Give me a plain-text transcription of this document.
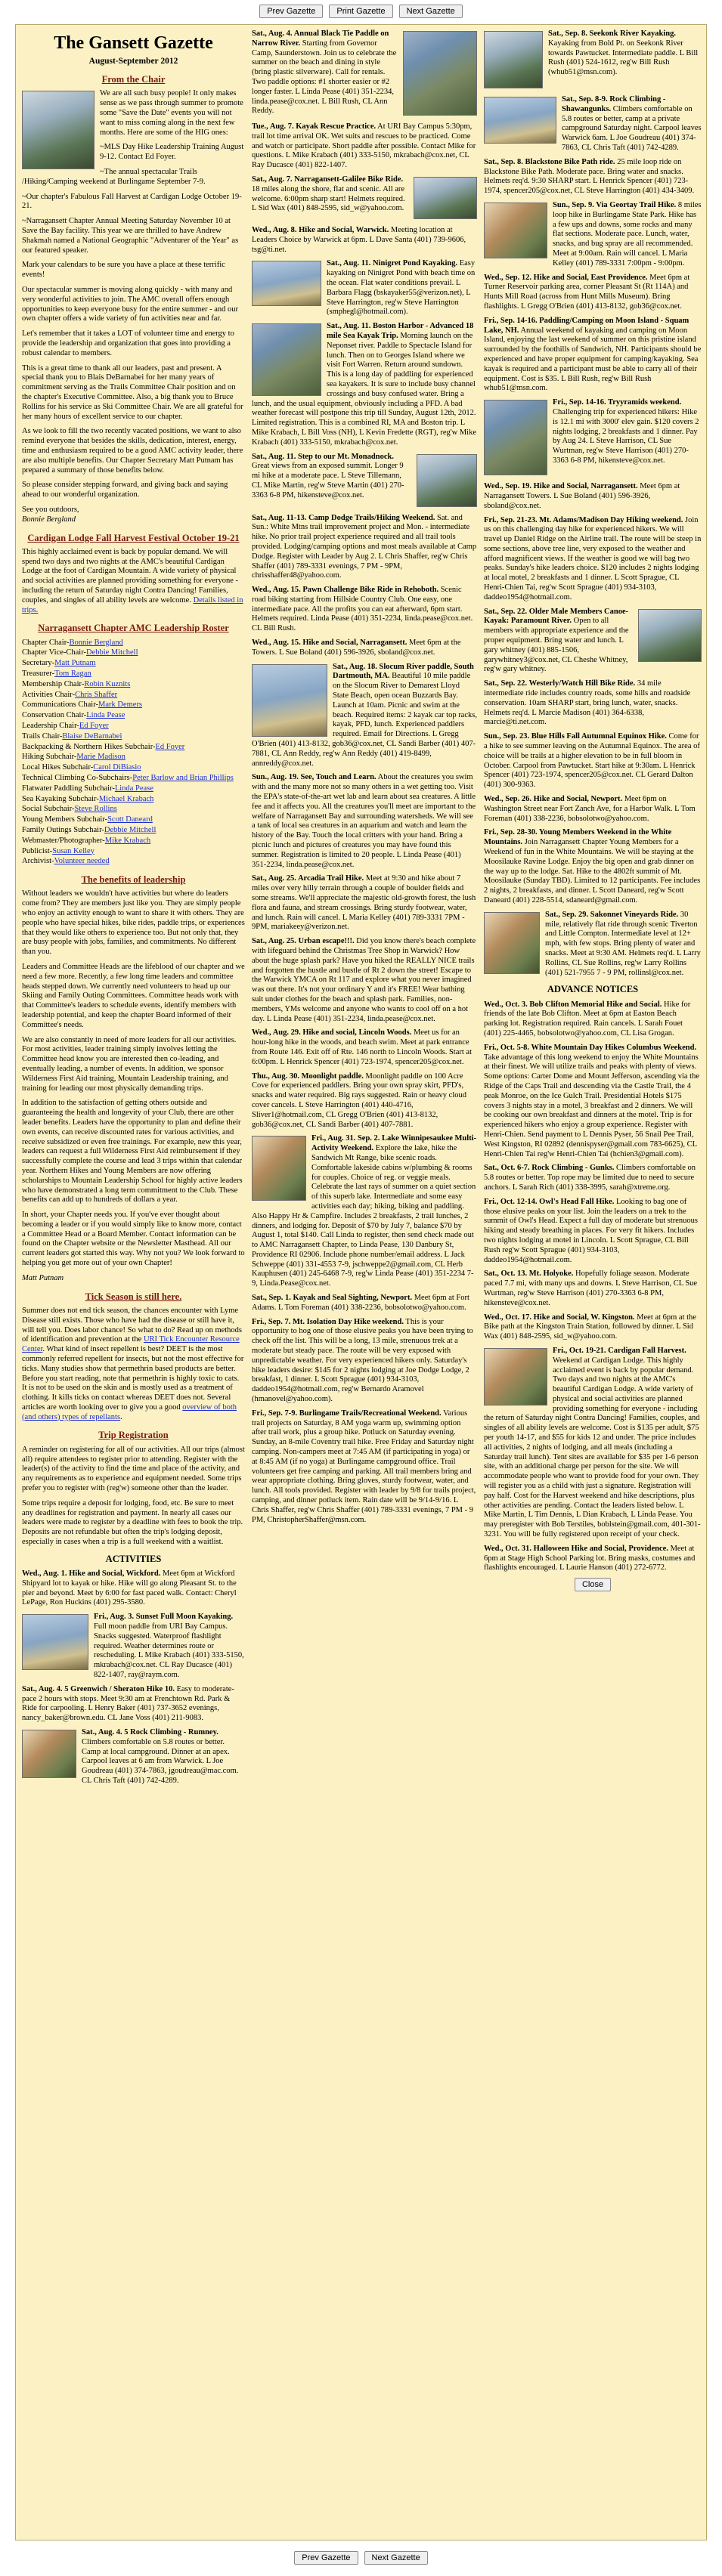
Prev Gazette	Print Gazette	Next Gazette
The Gansett Gazette
August-September 2012
From the Chair

We are all such busy people! It only makes sense as we pass through summer to promote some "Save the Date" events you will not want to miss coming along in the next few months. Here are some of the HIG ones:

~MLS Day Hike Leadership Training August 9-12. Contact Ed Foyer.

~The annual spectacular Trails /Hiking/Camping weekend at Burlingame September 7-9.

~Our chapter's Fabulous Fall Harvest at Cardigan Lodge October 19-21.

~Narragansett Chapter Annual Meeting Saturday November 10 at Save the Bay facility. This year we are thrilled to have Andrew Shakmah named a National Geographic "Adventurer of the Year" as our featured speaker.

Mark your calendars to be sure you have a place at these terrific events!

Our spectacular summer is moving along quickly - with many and very wonderful activities to join. The AMC overall offers enough opportunities to keep everyone busy for the entire summer - and our own chapter offers a wide variety of fun activities near and far.

Let's remember that it takes a LOT of volunteer time and energy to provide the leadership and organization that goes into providing a robust calendar to members.

This is a great time to thank all our leaders, past and present. A special thank you to Blais DeBarnabei for her many years of commitment serving as the Trails Committee Chair position and on the chapter's Executive Committee. Also, a big thank you to Bruce Rollins for his service as Ski Committee Chair. We are all grateful for her many hours of excellent service to our chapter.

As we look to fill the two recently vacated positions, we want to also remind everyone that besides the skills, dedication, interest, energy, time and enthusiasm required to be a good AMC activity leader, there are also multiple benefits. Our Chapter Secretary Matt Putnam has prepared a summary of those benefits below.

So please consider stepping forward, and giving back and saying ahead to our wonderful organization.

See you outdoors,
Bonnie Bergland
Cardigan Lodge Fall Harvest Festival October 19-21

This highly acclaimed event is back by popular demand. We will spend two days and two nights at the AMC's beautiful Cardigan Lodge at the foot of Cardigan Mountain. A wide variety of physical and social activities are planned providing something for everyone - including the return of Saturday night Contra Dancing! Families, couples, and singles of all ability levels are welcome. Details listed in trips.

Narragansett Chapter AMC Leadership Roster
Chapter Chair-Bonnie Bergland
Chapter Vice-Chair-Debbie Mitchell
Secretary-Matt Putnam
Treasurer-Tom Ragan
Membership Chair-Robin Kuznits
Activities Chair-Chris Shaffer
Communications Chair-Mark Demers
Conservation Chair-Linda Pease
Leadership Chair-Ed Foyer
Trails Chair-Blaise DeBarnabei
Backpacking & Northern Hikes Subchair-Ed Foyer
Hiking Subchair-Marie Madison
Local Hikes Subchair-Carol DiBiasio
Technical Climbing Co-Subchairs-Peter Barlow and Brian Phillips
Flatwater Paddling Subchair-Linda Pease
Sea Kayaking Subchair-Michael Krabach
Social Subchair-Steve Rollins
Young Members Subchair-Scott Daneard
Family Outings Subchair-Debbie Mitchell
Webmaster/Photographer-Mike Krabach
Publicist-Susan Kelley
Archivist-Volunteer needed
The benefits of leadership

Without leaders we wouldn't have activities but where do leaders come from? They are members just like you. They are simply people who enjoy an activity enough to want to share it with others. They are people who have special hikes, bike rides, paddle trips, or experiences that they would like others to experience too. But not only that, they are busy people with jobs, families, and commitments. No different than you.

Leaders and Committee Heads are the lifeblood of our chapter and we need a few more. Recently, a few long time leaders and committee heads stepped down. We currently need volunteers to head up our Skiing and Family Outing Committees. Committee heads work with that Committee's leaders to schedule events, identify members with leadership potential, and keep the chapter Board informed of their Committee's needs.

We are also constantly in need of more leaders for all our activities. For most activities, leader training simply involves letting the Committee head know you are interested then co-leading, and eventually leading, a number of events. In addition, we sponsor Wilderness First Aid training, Mountain Leadership training, and training for leading our most physically demanding trips.

In addition to the satisfaction of getting others outside and guaranteeing the health and longevity of your Club, there are other leader benefits. Leaders have the opportunity to plan and define their own events, can receive discounted rates for various activities, and receive subsidized or even free trainings. For example, new this year, leaders can request a full Wilderness First Aid reimbursement if they successfully complete the course and lead 3 trips within that calendar year. Northern Hikes and Young Members are now offering scholarships to Mountain Leadership School for highly active leaders who have demonstrated a long term commitment to the Club. These benefits can add up to hundreds of dollars a year.

In short, your Chapter needs you. If you've ever thought about becoming a leader or if you would simply like to know more, contact a Committee Head or a Board Member. Contact information can be found on the Chapter website or the Newsletter Masthead. All our current leaders got started this way. Why not you? We look forward to helping you get more out of your own Chapter!

Matt Putnam
Tick Season is still here.

Summer does not end tick season, the chances encounter with Lyme Disease still exists. Those who have had the disease or still have it, will tell you. Does labor chance! So what to do? Read up on methods of identification and prevention at the URI Tick Encounter Resource Center. What kind of insect repellent is best? DEET is the most commonly referred repellent for insects, but not the most effective for ticks. Many studies show that permethrin based products are better. Before you start reading, note that permethrin is highly toxic to cats. It is not to be used on the skin and is mostly used as a treatment of clothing. It kills ticks on contact whereas DEET does not. Several articles are worth looking over to give you a good overview of both (and others) types of repellants.

Trip Registration

A reminder on registering for all of our activities. All our trips (almost all) require attendees to register prior to attending. Register with the leader(s) of the activity to find the time and place of the activity, and any requirements as to experience and equipment needed. Some trips prefer you to register with (reg'w) someone other than the leader.

Some trips require a deposit for lodging, food, etc. Be sure to meet any deadlines for registration and payment. In nearly all cases our leaders were made to register by a deadline with fees to book the trip. Deposits are not refundable but often the trip's lodging deposit, especially in cases when a trip is a full weekend with a waitlist.

ACTIVITIES
Wed., Aug. 1. Hike and Social, Wickford. Meet 6pm at Wickford Shipyard lot to kayak or hike. Hike will go along Pleasant St. to the pier and beyond. Meet by 6:00 for fast paced walk. Contact: Cheryl LePage, Ron Huckins (401) 295-3580.
Fri., Aug. 3. Sunset Full Moon Kayaking. Full moon paddle from URI Bay Campus. Snacks suggested. Waterproof flashlight required. Weather determines route or rescheduling. L Mike Krabach (401) 333-5150, mkrabach@cox.net. CL Ray Ducasce (401) 822-1407, ray@raym.com.
Sat., Aug. 4. 5 Greenwich / Sheraton Hike 10. Easy to moderate-pace 2 hours with stops. Meet 9:30 am at Frenchtown Rd. Park & Ride for carpooling. L Henry Baker (401) 737-3652 evenings, nancy_baker@brown.edu. CL Jane Voss (401) 211-9083.
Sat., Aug. 4. 5 Rock Climbing - Rumney. Climbers comfortable on 5.8 routes or better. Camp at local campground. Dinner at an apex. Carpool leaves at 6 am from Warwick. L Joe Goudreau (401) 374-7863, jgoudreau@mac.com. CL Chris Taft (401) 742-4289.
Sat., Aug. 4. Annual Black Tie Paddle on Narrow River. Starting from Governor Camp, Saunderstown. Join us to celebrate the summer on the beach and dining in style (bring plastic silverware). Call for rentals. Two paddle options: #1 shorter easier or #2 longer faster. L Linda Pease (401) 351-2234, linda.pease@cox.net. L Bill Rush, CL Ann Reddy.
Tue., Aug. 7. Kayak Rescue Practice. At URI Bay Campus 5:30pm, trail lot time arrival OK. Wet suits and rescues to be practiced. Come and watch or participate. Short paddle after possible. Contact Mike for questions. L Mike Krabach (401) 333-5150, mkrabach@cox.net, CL Ray Ducasce (401) 822-1407.
Sat., Aug. 7. Narragansett-Galilee Bike Ride. 18 miles along the shore, flat and scenic. All are welcome. 6:00pm sharp start! Helmets required. L Sid Wax (401) 848-2595, sid_w@yahoo.com.
Wed., Aug. 8. Hike and Social, Warwick. Meeting location at Leaders Choice by Warwick at 6pm. L Dave Santa (401) 739-9606, tsg@ti.net.
Sat., Aug. 11. Ninigret Pond Kayaking. Easy kayaking on Ninigret Pond with beach time on the ocean. Flat water conditions prevail. L Barbara Flagg (bskayaker55@verizon.net), L Steve Harrington, reg'w Steve Harrington (smphegl@hotmail.com).
Sat., Aug. 11. Boston Harbor - Advanced 18 mile Sea Kayak Trip. Morning launch on the Neponset river. Paddle to Spectacle Island for lunch. Then on to Georges Island where we visit Fort Warren. Return around sundown. This is a long day of paddling for experienced sea kayakers. It is sure to include busy channel crossings and busy confused water. Bring a lunch, and the usual equipment, obviously including a PFD. A bad weather forecast will postpone this trip till Sunday, August 12th, 2012. Limited registration. This is a combined RI, MA and Boston trip. L Mike Krabach, L Bill Voss (NH), L Kevin Fredette (RGT), reg'w Mike Krabach (401) 333-5150, mkrabach@cox.net.
Sat., Aug. 11. Step to our Mt. Monadnock. Great views from an exposed summit. Longer 9 mi hike at a moderate pace. L Steve Tillemann, CL Mike Martin, reg'w Steve Martin (401) 270-3363 6-8 PM, hikensteve@cox.net.
Sat., Aug. 11-13. Camp Dodge Trails/Hiking Weekend. Sat. and Sun.: White Mtns trail improvement project and Mon. - intermediate hike. No prior trail project experience required and all trail tools provided. Lodging/camping options and most meals available at Camp Dodge. Register with Leader by Aug 2. L Chris Shaffer, reg'w Chris Shaffer (401) 789-3331 evenings, 7 PM - 9PM, chrisshaffer48@yahoo.com.
Wed., Aug. 15. Pawn Challenge Bike Ride in Rehoboth. Scenic road biking starting from Hillside Country Club. One easy, one intermediate pace. All the profits you can eat afterward, 6pm start. Helmets required. Linda Pease (401) 351-2234, linda.pease@cox.net. CL Bill Rush.
Wed., Aug. 15. Hike and Social, Narragansett. Meet 6pm at the Towers. L Sue Boland (401) 596-3926, sboland@cox.net.
Sat., Aug. 18. Slocum River paddle, South Dartmouth, MA. Beautiful 10 mile paddle on the Slocum River to Demarest Lloyd State Beach, open ocean Buzzards Bay. Launch at 10am. Picnic and swim at the beach. Required items: 2 kayak car top racks, kayak, PFD, lunch. Experienced paddlers required. Email for Directions. L Gregg O'Brien (401) 413-8132, gob36@cox.net, CL Sandi Barber (401) 407-7881, CL Ann Reddy, reg'w Ann Reddy (401) 419-8499, annreddy@cox.net.
Sun., Aug. 19. See, Touch and Learn. About the creatures you swim with and the many more not so many others in a wet getting too. Visit the EPA's state-of-the-art wet lab and learn about sea creatures. A little fee and it affects you. All the creatures you'll meet are important to the welfare of Narragansett Bay and surrounding watersheds. We will see a tank of local sea creatures in an aquarium and watch and learn the history of the Bay. Touch the local critters with your hand. Bring a picnic lunch and pictures of creatures you may have found this summer. Registration is limited to 20 people. L Linda Pease (401) 351-2234, linda.pease@cox.net.
Sat., Aug. 25. Arcadia Trail Hike. Meet at 9:30 and hike about 7 miles over very hilly terrain through a couple of boulder fields and some streams. We'll appreciate the majestic old-growth forest, the lush flora and fauna, and stream crossings. Bring sturdy footwear, water, and lunch. Rain will cancel. L Maria Kelley (401) 789-3331 7PM - 9PM, mariakeey@verizon.net.
Sat., Aug. 25. Urban escape!!!. Did you know there's beach complete with lifeguard behind the Christmas Tree Shop in Warwick? How about the huge splash park? Have you hiked the REALLY NICE trails and forgotten the hustle and bustle of Rt 2 down the street! Escape to the Warwick YMCA on Rt 117 and explore what you never imagined was out there. It's not your ordinary Y and it's FREE! Wear bathing suit under clothes for the beach and splash park. Families, non-members, YMs welcome and anyone who wants to cool off on a hot day. L Linda Pease (401) 351-2234, linda.pease@cox.net.
Wed., Aug. 29. Hike and social, Lincoln Woods. Meet us for an hour-long hike in the woods, and beach swim. Meet at park entrance from Route 146. Exit off of Rte. 146 north to Lincoln Woods. Start at 6:00pm. L Henrick Spencer (401) 723-1974, spencer205@cox.net.
Thu., Aug. 30. Moonlight paddle. Moonlight paddle on 100 Acre Cove for experienced paddlers. Bring your own spray skirt, PFD's, snacks and water required. Big rays suggested. Rain or heavy cloud cover cancels. L Steve Harrington (401) 440-4716, Sliver1@hotmail.com, CL Gregg O'Brien (401) 413-8132, gob36@cox.net, CL Sandi Barber (401) 407-7881.
Fri., Aug. 31. Sep. 2. Lake Winnipesaukee Multi-Activity Weekend. Explore the lake, hike the Sandwich Mt Range, bike scenic roads. Comfortable lakeside cabins w/plumbing & rooms for couples. Choice of reg. or veggie meals. Celebrate the last rays of summer on a quiet section of this superb lake. Intermediate and some easy activities each day; hiking, biking and paddling. Also Happy Hr & Campfire. Includes 2 breakfasts, 2 trail lunches, 2 dinners, and lodging for. Deposit of $70 by July 7, balance $70 by August 1, total $140. Call Linda to register, then send check made out to AMC Narragansett Chapter, to Linda Pease, 130 Danbury St, Providence RI 02906. Include phone number/email address. L Jack Schweppe (401) 331-4553 7-9, jschweppe2@gmail.com, CL Herb Kauphusen (401) 245-6468 7-9, reg'w Linda Pease (401) 351-2234 7-9, Linda.Pease@cox.net.
Sat., Sep. 1. Kayak and Seal Sighting, Newport. Meet 6pm at Fort Adams. L Tom Foreman (401) 338-2236, bobsolotwo@yahoo.com.
Fri., Sep. 7. Mt. Isolation Day Hike weekend. This is your opportunity to hog one of those elusive peaks you have been trying to check off the list. This will be a long, 13 mile, strenuous trek at a moderate but steady pace. The route will be very exposed with unpredictable weather. For very experienced hikers only. Saturday's hike leaders desire: $145 for 2 nights lodging at Joe Dodge Lodge, 2 breakfast, 1 dinner. L Scott Sprague (401) 934-3103, daddeo1954@hotmail.com, reg'w Bernardo Aramovel (hmanovel@yahoo.com).
Fri., Sep. 7-9. Burlingame Trails/Recreational Weekend. Various trail projects on Saturday, 8 AM yoga warm up, swimming option after trail work, plus a group hike. Potluck on Saturday evening. Sunday, an 8-mile Coventry trail hike. Free Friday and Saturday night camping. Non-campers meet at 7:45 AM (if participating in yoga) or at 8:45 AM (if no yoga) at Burlingame campground office. Trail volunteers get free camping and parking. All trail members bring and wear appropriate clothing. Bring gloves, sturdy footwear, water, and lunch. All tools provided. Register with leader by 9/8 for trails project, camping, and dinner potluck item. Rain date will be 9/14-9/16. L Chris Shaffer, reg'w Chris Shaffer (401) 789-3331 evenings, 7 PM - 9 PM, ChristopherShaffer@msn.com.
Sat., Sep. 8. Seekonk River Kayaking. Kayaking from Bold Pt. on Seekonk River towards Pawtucket. Intermediate paddle. L Bill Rush (401) 524-1612, reg'w Bill Rush (whub51@msn.com).
Sat., Sep. 8-9. Rock Climbing - Shawangunks. Climbers comfortable on 5.8 routes or better, camp at a private campground Saturday night. Carpool leaves Warwick 6am. L Joe Goudreau (401) 374-7863, CL Chris Taft (401) 742-4289.
Sat., Sep. 8. Blackstone Bike Path ride. 25 mile loop ride on Blackstone Bike Path. Moderate pace. Bring water and snacks. Helmets req'd. 9:30 SHARP start. L Henrick Spencer (401) 723-1974, spencer205@cox.net, CL Steve Harrington (401) 434-3409.
Sun., Sep. 9. Via Geortay Trail Hike. 8 miles loop hike in Burlingame State Park. Hike has a few ups and downs, some rocks and many flat sections. Moderate pace. Lunch, water, snacks, and bug spray are all recommended. Meet at 9:00am. Rain will cancel. L Maria Kelley (401) 789-3331 7:00pm - 9:00pm.
Wed., Sep. 12. Hike and Social, East Providence. Meet 6pm at Turner Reservoir parking area, corner Pleasant St (Rt 114A) and Hunts Mill Road (across from Hunt Mills Museum). Bring flashlights. L Gregg O'Brien (401) 413-8132, gob36@cox.net.
Fri., Sep. 14-16. Paddling/Camping on Moon Island - Squam Lake, NH. Annual weekend of kayaking and camping on Moon Island, enjoying the last weekend of summer on this pristine island surrounded by the foothills of Sandwich, NH. Participants should be experienced and have proper equipment for camping/kayaking. Sea kayak is required and a participant must be able to carry all of their equipment. Cost is $35. L Bill Rush, reg'w Bill Rush whub51@msn.com.
Fri., Sep. 14-16. Tryyramids weekend. Challenging trip for experienced hikers: Hike is 12.1 mi with 3000' elev gain. $120 covers 2 nights lodging, 2 breakfasts and 1 dinner. Pay by Aug 24. L Steve Harrison, CL Sue Wurtman, reg'w Steve Harrison (401) 270-3363 6-8 PM, hikensteve@cox.net.
Wed., Sep. 19. Hike and Social, Narragansett. Meet 6pm at Narragansett Towers. L Sue Boland (401) 596-3926, sboland@cox.net.
Fri., Sep. 21-23. Mt. Adams/Madison Day Hiking weekend. Join us on this challenging day hike for experienced hikers. We will travel up Daniel Ridge on the Airline trail. The route will be steep in some sections, above tree line, very exposed to the weather and afford magnificent views. If the weather is good we will bag two peaks. Sunday's hike leaders choice. $120 includes 2 nights lodging at local motel, 2 breakfasts and 1 dinner. L Scott Sprague, CL Henri-Chien Tai, reg'w Scott Sprague (401) 934-3103, daddeo1954@hotmail.com.
Sat., Sep. 22. Older Male Members Canoe-Kayak: Paramount River. Open to all members with appropriate experience and the proper equipment. Bring water and lunch. L gary whitney (401) 885-1506, garywhitney3@cox.net, CL Cheshe Whitney, reg'w gary whitney.
Sat., Sep. 22. Westerly/Watch Hill Bike Ride. 34 mile intermediate ride includes country roads, some hills and roadside conservation. 10am SHARP start, bring lunch, water, snacks. Helmets req'd. L Marcie Madison (401) 364-6338, marcie@ti.net.com.
Sun., Sep. 23. Blue Hills Fall Autumnal Equinox Hike. Come for a hike to see summer leaving on the Autumnal Equinox. The area of choice will be trails at a higher elevation to be in full bloom in October. Carpool from Pawtucket. Start hike at 9:30am. L Henrick Spencer (401) 723-1974, spencer205@cox.net. CL Gerard Dalton (401) 300-9363.
Wed., Sep. 26. Hike and Social, Newport. Meet 6pm on Washington Street near Fort Zanch Ave, for a Harbor Walk. L Tom Foreman (401) 338-2236, bobsolotwo@yahoo.com.
Fri., Sep. 28-30. Young Members Weekend in the White Mountains. Join Narragansett Chapter Young Members for a Weekend of fun in the White Mountains. We will be staying at the Moosilauke Ravine Lodge. Enjoy the big open and grab dinner on the way up to the lodge. Sat. Hike to the 4802ft summit of Mt. Moosilauke (Sunday TBD). Limited to 12 participants. Fee includes 2 nights, 2 breakfasts, and dinner. L Scott Daneard, reg'w Scott Daneard (401) 228-5514, sdaneard@gmail.com.
Sat., Sep. 29. Sakonnet Vineyards Ride. 30 mile, relatively flat ride through scenic Tiverton and Little Compton. Intermediate level at 12+ mph, with few stops. Bring plenty of water and snacks. Meet at 9:30 AM. Helmets req'd. L Larry Rollins, CL Sue Rollins, reg'w Larry Rollins (401) 521-7955 7 - 9 PM, rollinsl@cox.net.
ADVANCE NOTICES
Wed., Oct. 3. Bob Clifton Memorial Hike and Social. Hike for friends of the late Bob Clifton. Meet at 6pm at Easton Beach parking lot. Registration required. Rain cancels. L Sarah Fouet (401) 225-4465, bobsolotwo@yahoo.com, CL Lisa Grogan.
Fri., Oct. 5-8. White Mountain Day Hikes Columbus Weekend. Take advantage of this long weekend to enjoy the White Mountains at their finest. We will utilize trails and peaks with plenty of views. Some options: Carter Dome and Mount Jefferson, ascending via the Ridge of the Caps Trail and descending via the Castle Trail, the 4 peak Monroe, on the Ice Gulch Trail. Presidential Hotels $175 covers 3 nights stay in a motel, 3 breakfast and 2 dinners. We will be cooking our own breakfast and dinners at the motel. Trip is for experienced hikers who enjoy a group experience. Register with Henri-Chien. Send payment to L Dennis Pyser, 56 Snail Pee Trail, West Kingston, RI 02892 (dennispyser@gmail.com 783-6625), CL Henri-Chien Tai reg'w Henri-Chien Tai (hchien3@gmail.com).
Sat., Oct. 6-7. Rock Climbing - Gunks. Climbers comfortable on 5.8 routes or better. Top rope may be limited due to need to secure anchors. L Sarah Rich (401) 338-3995, sarah@xtreme.org.
Fri., Oct. 12-14. Owl's Head Fall Hike. Looking to bag one of those elusive peaks on your list. Join the leaders on a trek to the summit of Owl's Head. Expect a full day of moderate but strenuous hiking and steady breathing in places. For very fit hikers. Includes two nights lodging at motel in Lincoln. L Scott Sprague, CL Bill Rush reg'w Scott Sprague (401) 934-3103, daddeo1954@hotmail.com.
Sat., Oct. 13. Mt. Holyoke. Hopefully foliage season. Moderate paced 7.7 mi, with many ups and downs. L Steve Harrison, CL Sue Wurtman, reg'w Steve Harrison (401) 270-3363 6-8 PM, hikensteve@cox.net.
Wed., Oct. 17. Hike and Social, W. Kingston. Meet at 6pm at the Bike path at the Kingston Train Station, followed by dinner. L Sid Wax (401) 848-2595, sid_w@yahoo.com.
Fri., Oct. 19-21. Cardigan Fall Harvest. Weekend at Cardigan Lodge. This highly acclaimed event is back by popular demand. Two days and two nights at the AMC's beautiful Cardigan Lodge. A wide variety of physical and social activities are planned providing something for everyone - including the return of Saturday night Contra Dancing! Families, couples, and singles of all ability levels are welcome. Cost is $135 per adult, $75 per youth 14-17, and $55 for kids 12 and under. The price includes all activities, 2 nights of lodging, and all meals (including a Saturday trail lunch). Tent sites are available for $35 per 1-6 person site, with an additional charge per person for the site. We will accommodate people who want to provide food for your own. They will register you as a child with just a signature. Registration will pay half. Cost for the Harvest weekend and hike descriptions, plus other activities are pending. Contact the leaders listed below. L Mike Martin, L Tim Dennis, L Dian Krabach, L Linda Pease. You may preregister with Bob Terstiles, boblstein@gmail.com, 401-301-3231. You will be fully registered upon receipt of your check.
Wed., Oct. 31. Halloween Hike and Social, Providence. Meet at 6pm at Stage High School Parking lot. Bring masks, costumes and flashlights encouraged. L Laurie Hanson (401) 272-6772.
Close
Prev Gazette	Next Gazette
